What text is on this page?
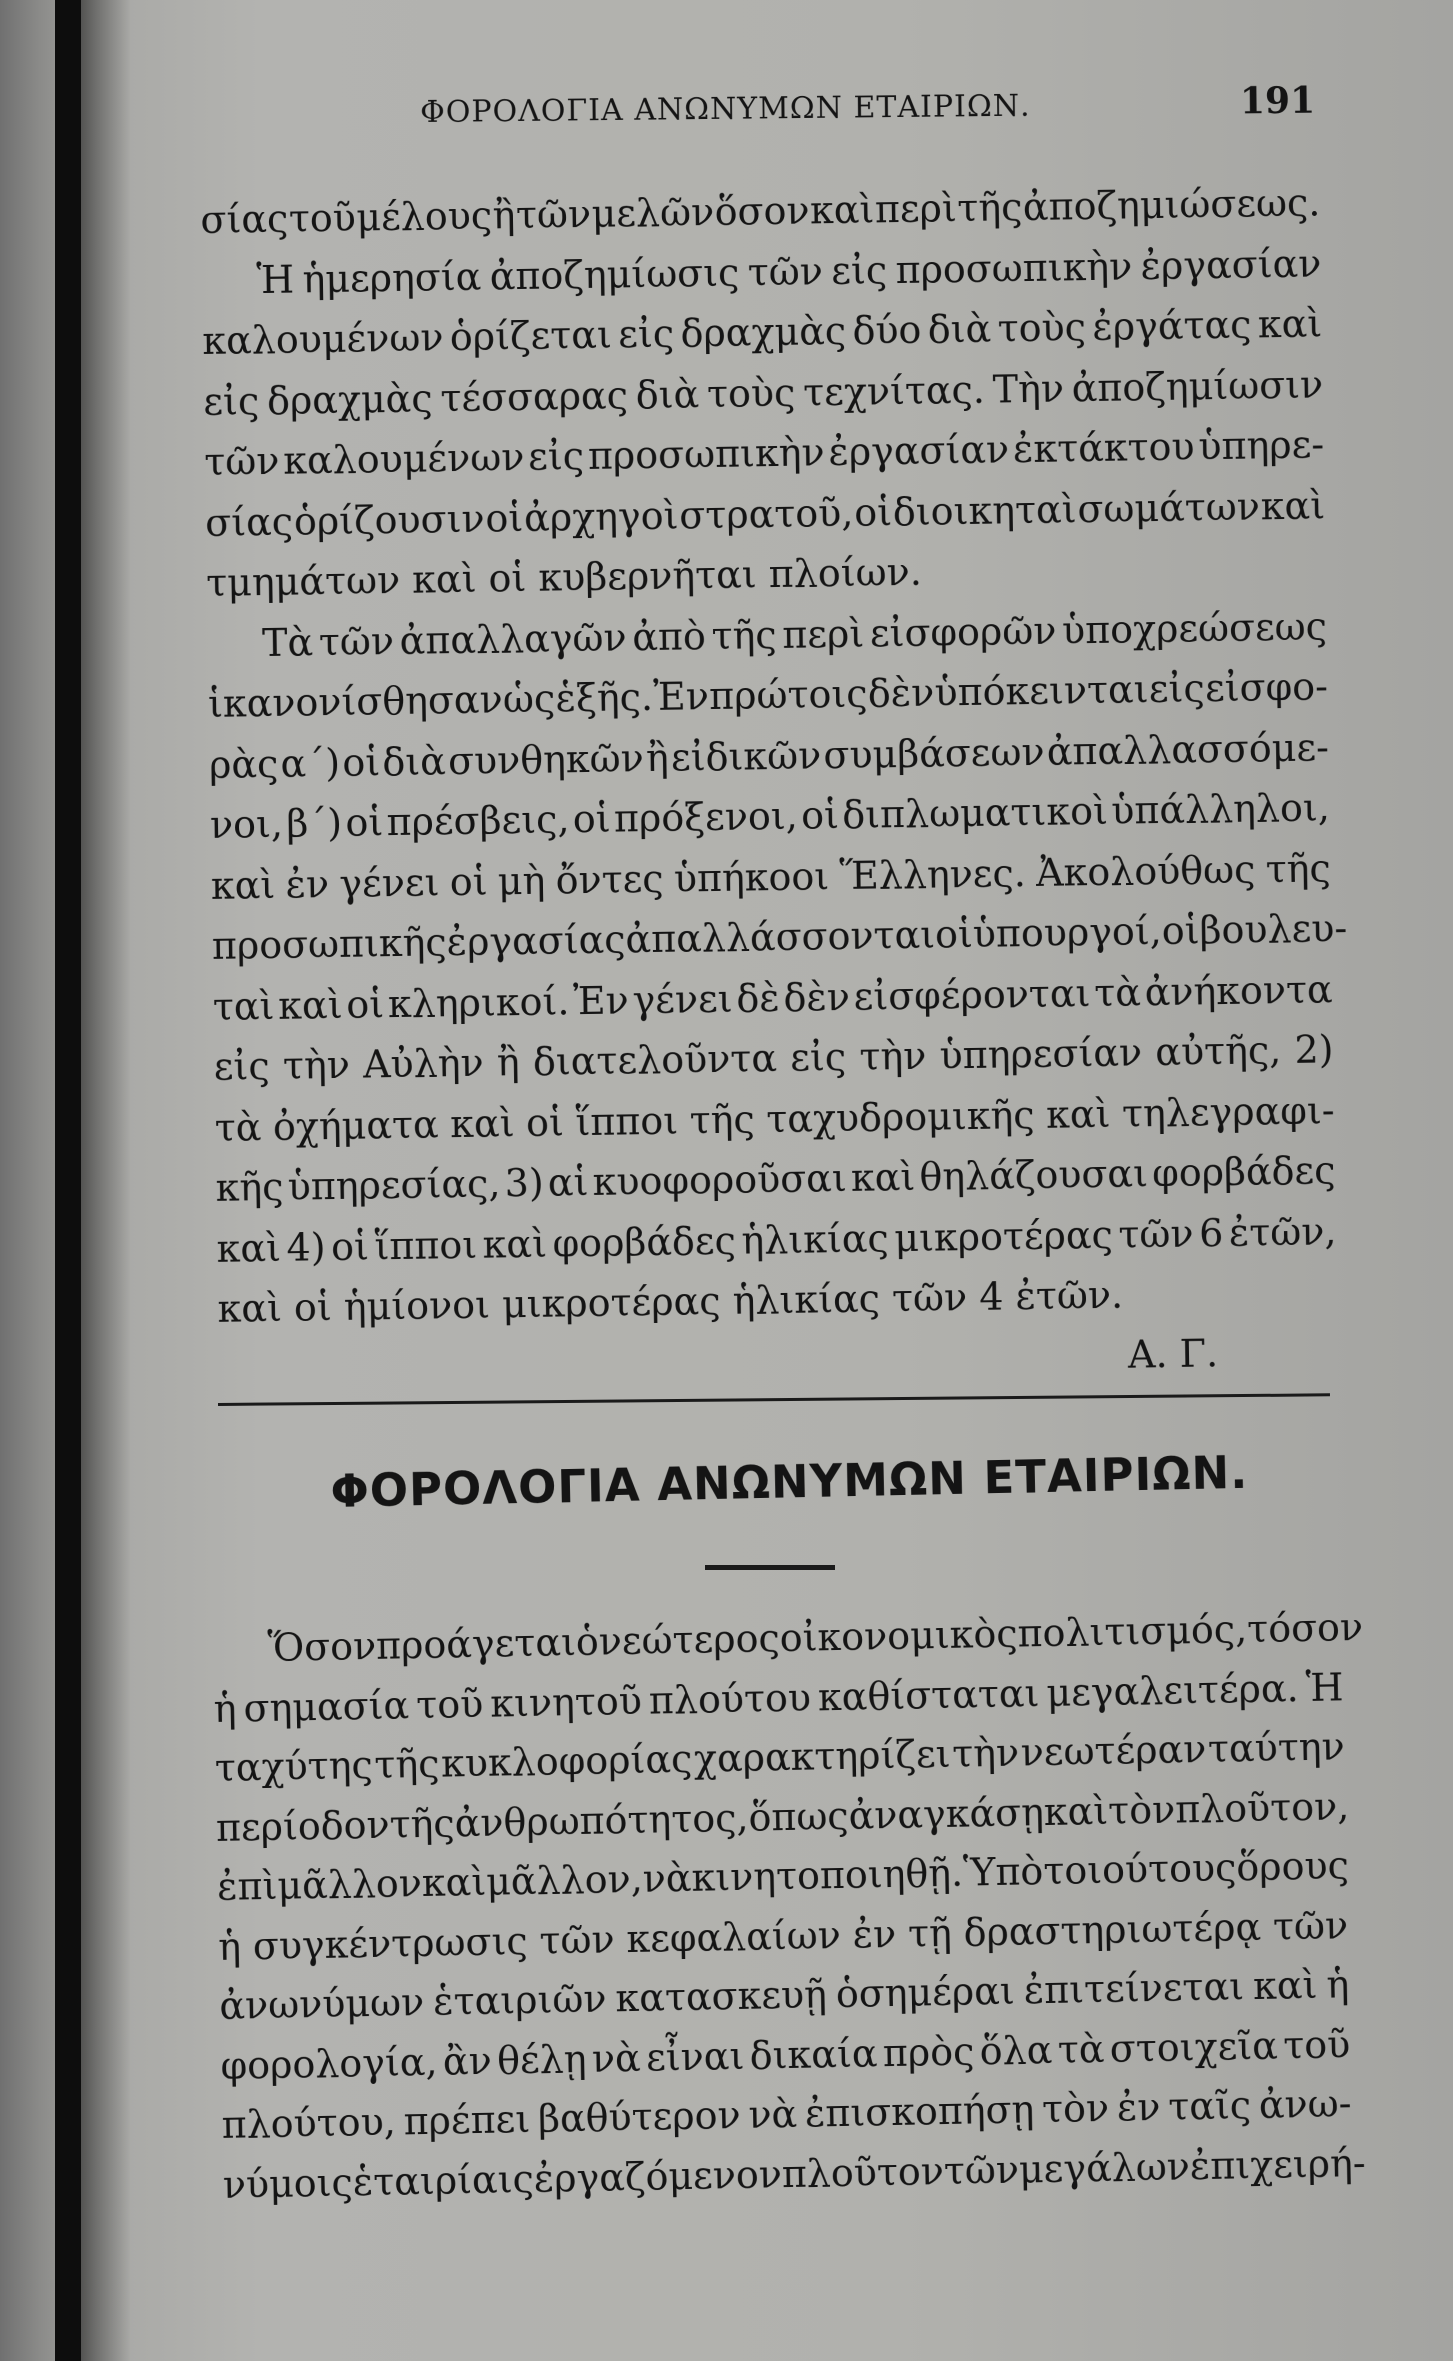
ΦΟΡΟΛΟΓΙΑ ΑΝΩΝΥΜΩΝ ΕΤΑΙΡΙΩΝ.	191
σίας τοῦ μέλους ἢ τῶν μελῶν ὅσον καὶ περὶ τῆς ἀποζημιώσεως.
Ἡ ἡμερησία ἀποζημίωσις τῶν εἰς προσωπικὴν ἐργασίαν
καλουμένων ὁρίζεται εἰς δραχμὰς δύο διὰ τοὺς ἐργάτας καὶ
εἰς δραχμὰς τέσσαρας διὰ τοὺς τεχνίτας. Τὴν ἀποζημίωσιν
τῶν καλουμένων εἰς προσωπικὴν ἐργασίαν ἐκτάκτου ὑπηρε-
σίας ὁρίζουσιν οἱ ἀρχηγοὶ στρατοῦ, οἱ διοικηταὶ σωμάτων καὶ
τμημάτων καὶ οἱ κυβερνῆται πλοίων.
Τὰ τῶν ἀπαλλαγῶν ἀπὸ τῆς περὶ εἰσφορῶν ὑποχρεώσεως
ἱκανονίσθησαν ὡς ἑξῆς. Ἐν πρώτοις δὲν ὑπόκεινται εἰς εἰσφο-
ρὰς α΄) οἱ διὰ συνθηκῶν ἢ εἰδικῶν συμβάσεων ἀπαλλασσόμε-
νοι, β΄) οἱ πρέσβεις, οἱ πρόξενοι, οἱ διπλωματικοὶ ὑπάλληλοι,
καὶ ἐν γένει οἱ μὴ ὄντες ὑπήκοοι Ἕλληνες. Ἀκολούθως τῆς
προσωπικῆς ἐργασίας ἀπαλλάσσονται οἱ ὑπουργοί, οἱ βουλευ-
ταὶ καὶ οἱ κληρικοί. Ἐν γένει δὲ δὲν εἰσφέρονται τὰ ἀνήκοντα
εἰς τὴν Αὐλὴν ἢ διατελοῦντα εἰς τὴν ὑπηρεσίαν αὐτῆς, 2)
τὰ ὀχήματα καὶ οἱ ἵπποι τῆς ταχυδρομικῆς καὶ τηλεγραφι-
κῆς ὑπηρεσίας, 3) αἱ κυοφοροῦσαι καὶ θηλάζουσαι φορβάδες
καὶ 4) οἱ ἵπποι καὶ φορβάδες ἡλικίας μικροτέρας τῶν 6 ἐτῶν,
καὶ οἱ ἡμίονοι μικροτέρας ἡλικίας τῶν 4 ἐτῶν.
Α. Γ.
ΦΟΡΟΛΟΓΙΑ ΑΝΩΝΥΜΩΝ ΕΤΑΙΡΙΩΝ.
Ὅσον προάγεται ὁ νεώτερος οἰκονομικὸς πολιτισμός, τόσον
ἡ σημασία τοῦ κινητοῦ πλούτου καθίσταται μεγαλειτέρα. Ἡ
ταχύτης τῆς κυκλοφορίας χαρακτηρίζει τὴν νεωτέραν ταύτην
περίοδον τῆς ἀνθρωπότητος, ὅπως ἀναγκάσῃ καὶ τὸν πλοῦτον,
ἐπὶ μᾶλλον καὶ μᾶλλον,νὰ κινητοποιηθῇ. Ὑπὸ τοιούτους ὅρους
ἡ συγκέντρωσις τῶν κεφαλαίων ἐν τῇ δραστηριωτέρᾳ τῶν
ἀνωνύμων ἑταιριῶν κατασκευῇ ὁσημέραι ἐπιτείνεται καὶ ἡ
φορολογία, ἂν θέλῃ νὰ εἶναι δικαία πρὸς ὅλα τὰ στοιχεῖα τοῦ
πλούτου, πρέπει βαθύτερον νὰ ἐπισκοπήσῃ τὸν ἐν ταῖς ἀνω-
νύμοις ἑταιρίαις ἐργαζόμενον πλοῦτον τῶν μεγάλων ἐπιχειρή-
